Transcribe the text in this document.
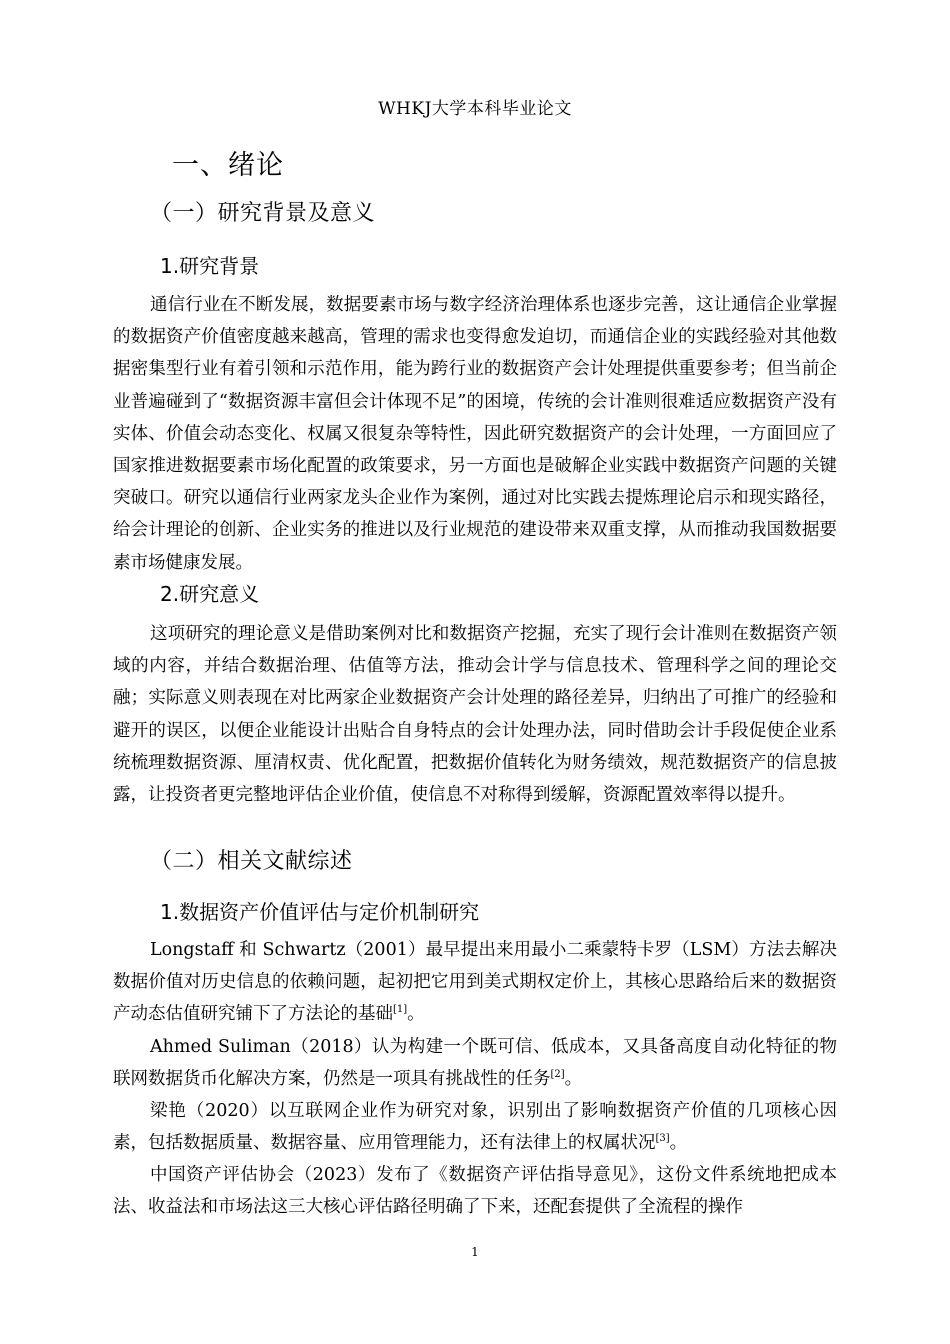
WHKJ大学本科毕业论文
一、绪论
（一）研究背景及意义
1.研究背景

通信行业在不断发展，数据要素市场与数字经济治理体系也逐步完善，这让通信企业掌握的数据资产价值密度越来越高，管理的需求也变得愈发迫切，而通信企业的实践经验对其他数据密集型行业有着引领和示范作用，能为跨行业的数据资产会计处理提供重要参考；但当前企业普遍碰到了“数据资源丰富但会计体现不足”的困境，传统的会计准则很难适应数据资产没有实体、价值会动态变化、权属又很复杂等特性，因此研究数据资产的会计处理，一方面回应了国家推进数据要素市场化配置的政策要求，另一方面也是破解企业实践中数据资产问题的关键突破口。研究以通信行业两家龙头企业作为案例，通过对比实践去提炼理论启示和现实路径，给会计理论的创新、企业实务的推进以及行业规范的建设带来双重支撑，从而推动我国数据要素市场健康发展。

2.研究意义

这项研究的理论意义是借助案例对比和数据资产挖掘，充实了现行会计准则在数据资产领域的内容，并结合数据治理、估值等方法，推动会计学与信息技术、管理科学之间的理论交融；实际意义则表现在对比两家企业数据资产会计处理的路径差异，归纳出了可推广的经验和避开的误区，以便企业能设计出贴合自身特点的会计处理办法，同时借助会计手段促使企业系统梳理数据资源、厘清权责、优化配置，把数据价值转化为财务绩效，规范数据资产的信息披露，让投资者更完整地评估企业价值，使信息不对称得到缓解，资源配置效率得以提升。

（二）相关文献综述
1.数据资产价值评估与定价机制研究

Longstaff 和 Schwartz（2001）最早提出来用最小二乘蒙特卡罗（LSM）方法去解决数据价值对历史信息的依赖问题，起初把它用到美式期权定价上，其核心思路给后来的数据资产动态估值研究铺下了方法论的基础[1]。

Ahmed Suliman（2018）认为构建一个既可信、低成本，又具备高度自动化特征的物联网数据货币化解决方案，仍然是一项具有挑战性的任务[2]。

梁艳（2020）以互联网企业作为研究对象，识别出了影响数据资产价值的几项核心因素，包括数据质量、数据容量、应用管理能力，还有法律上的权属状况[3]。

中国资产评估协会（2023）发布了《数据资产评估指导意见》，这份文件系统地把成本法、收益法和市场法这三大核心评估路径明确了下来，还配套提供了全流程的操作

1
